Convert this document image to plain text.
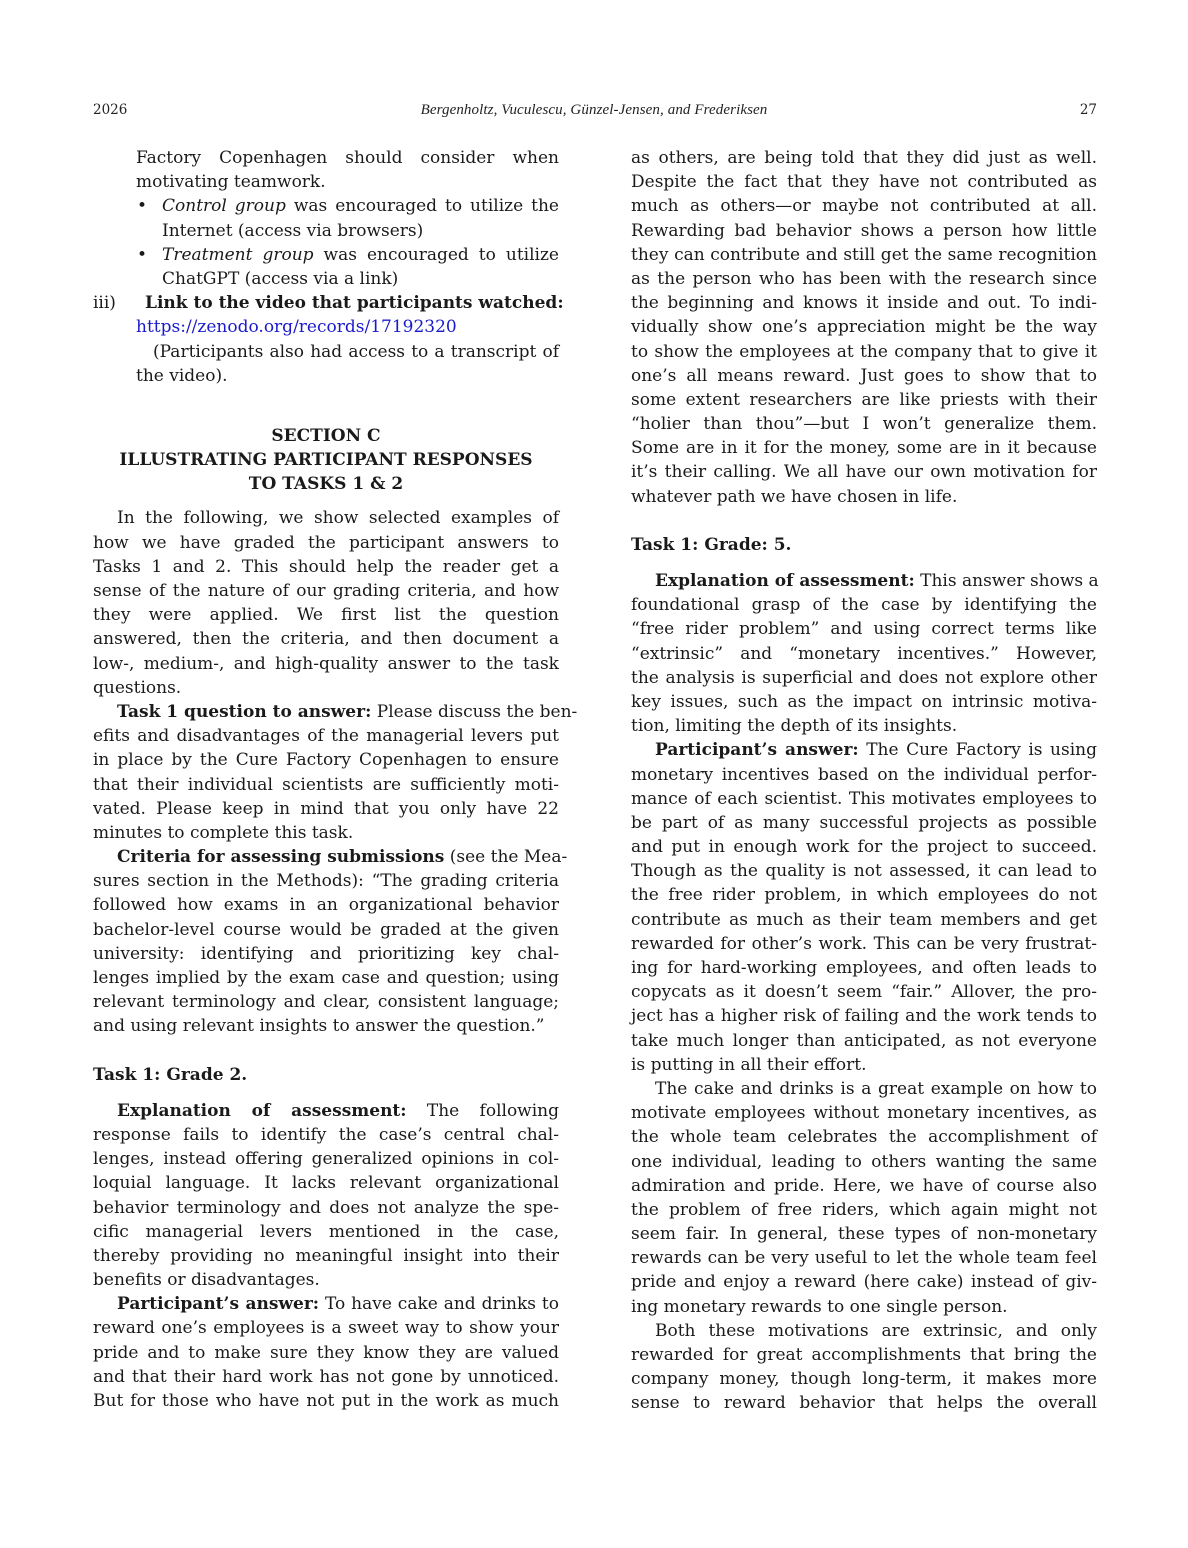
2026	Bergenholtz, Vuculescu, Günzel-Jensen, and Frederiksen	27
Factory Copenhagen should consider when
motivating teamwork.
• Control group was encouraged to utilize the
Internet (access via browsers)
• Treatment group was encouraged to utilize
ChatGPT (access via a link)
iii)	Link to the video that participants watched:
https://zenodo.org/records/17192320
(Participants also had access to a transcript of
the video).
SECTION C
ILLUSTRATING PARTICIPANT RESPONSES
TO TASKS 1 & 2
In the following, we show selected examples of
how we have graded the participant answers to
Tasks 1 and 2. This should help the reader get a
sense of the nature of our grading criteria, and how
they were applied. We first list the question
answered, then the criteria, and then document a
low-, medium-, and high-quality answer to the task
questions.
Task 1 question to answer: Please discuss the ben-
efits and disadvantages of the managerial levers put
in place by the Cure Factory Copenhagen to ensure
that their individual scientists are sufficiently moti-
vated. Please keep in mind that you only have 22
minutes to complete this task.
Criteria for assessing submissions (see the Mea-
sures section in the Methods): “The grading criteria
followed how exams in an organizational behavior
bachelor-level course would be graded at the given
university: identifying and prioritizing key chal-
lenges implied by the exam case and question; using
relevant terminology and clear, consistent language;
and using relevant insights to answer the question.”
Task 1: Grade 2.
Explanation of assessment: The following
response fails to identify the case’s central chal-
lenges, instead offering generalized opinions in col-
loquial language. It lacks relevant organizational
behavior terminology and does not analyze the spe-
cific managerial levers mentioned in the case,
thereby providing no meaningful insight into their
benefits or disadvantages.
Participant’s answer: To have cake and drinks to
reward one’s employees is a sweet way to show your
pride and to make sure they know they are valued
and that their hard work has not gone by unnoticed.
But for those who have not put in the work as much
as others, are being told that they did just as well.
Despite the fact that they have not contributed as
much as others—or maybe not contributed at all.
Rewarding bad behavior shows a person how little
they can contribute and still get the same recognition
as the person who has been with the research since
the beginning and knows it inside and out. To indi-
vidually show one’s appreciation might be the way
to show the employees at the company that to give it
one’s all means reward. Just goes to show that to
some extent researchers are like priests with their
“holier than thou”—but I won’t generalize them.
Some are in it for the money, some are in it because
it’s their calling. We all have our own motivation for
whatever path we have chosen in life.
Task 1: Grade: 5.
Explanation of assessment: This answer shows a
foundational grasp of the case by identifying the
“free rider problem” and using correct terms like
“extrinsic” and “monetary incentives.” However,
the analysis is superficial and does not explore other
key issues, such as the impact on intrinsic motiva-
tion, limiting the depth of its insights.
Participant’s answer: The Cure Factory is using
monetary incentives based on the individual perfor-
mance of each scientist. This motivates employees to
be part of as many successful projects as possible
and put in enough work for the project to succeed.
Though as the quality is not assessed, it can lead to
the free rider problem, in which employees do not
contribute as much as their team members and get
rewarded for other’s work. This can be very frustrat-
ing for hard-working employees, and often leads to
copycats as it doesn’t seem “fair.” Allover, the pro-
ject has a higher risk of failing and the work tends to
take much longer than anticipated, as not everyone
is putting in all their effort.
The cake and drinks is a great example on how to
motivate employees without monetary incentives, as
the whole team celebrates the accomplishment of
one individual, leading to others wanting the same
admiration and pride. Here, we have of course also
the problem of free riders, which again might not
seem fair. In general, these types of non-monetary
rewards can be very useful to let the whole team feel
pride and enjoy a reward (here cake) instead of giv-
ing monetary rewards to one single person.
Both these motivations are extrinsic, and only
rewarded for great accomplishments that bring the
company money, though long-term, it makes more
sense to reward behavior that helps the overall
